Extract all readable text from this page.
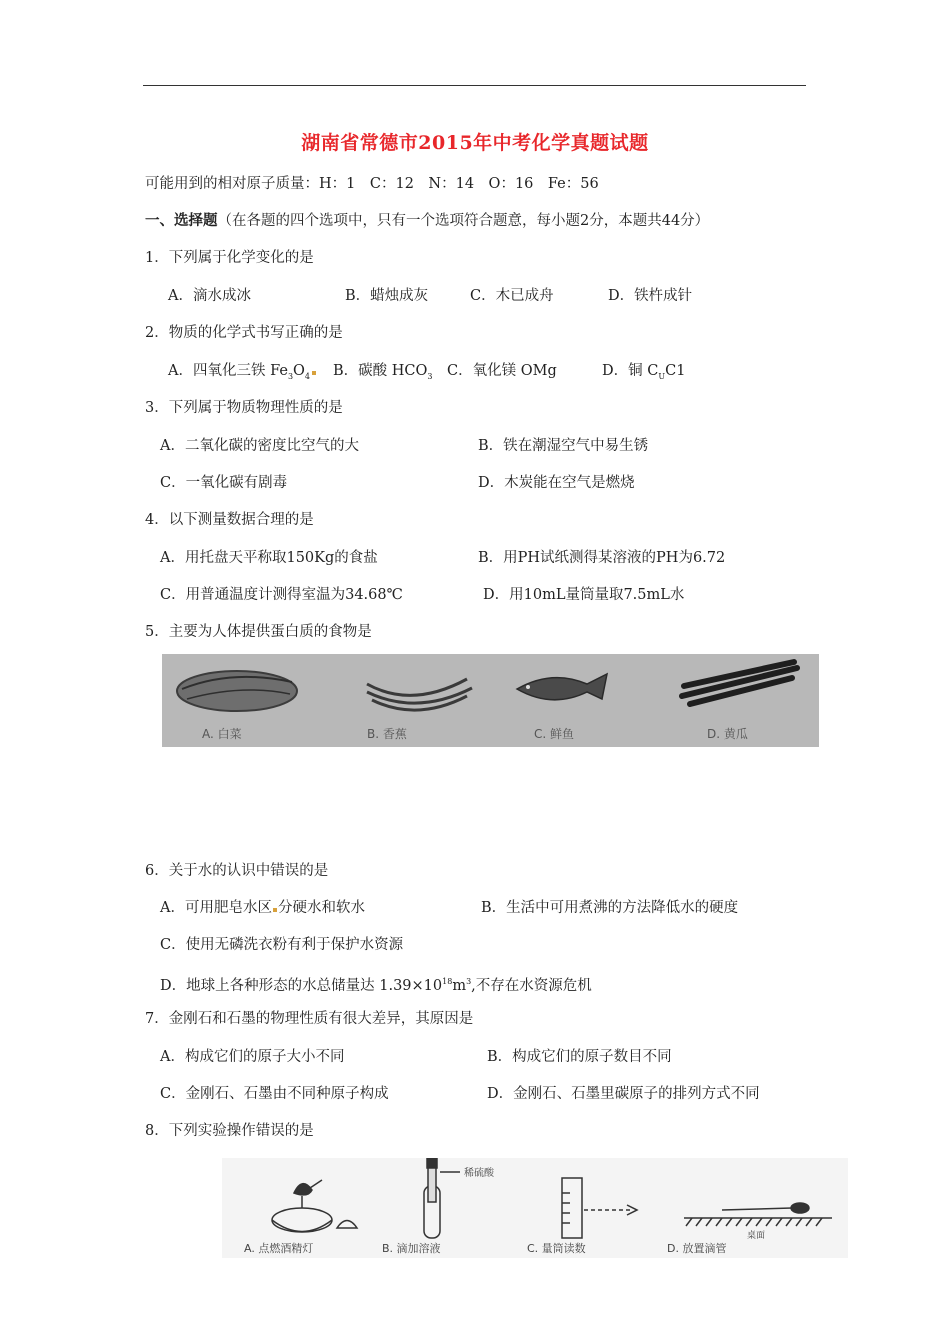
湖南省常德市2015年中考化学真题试题
可能用到的相对原子质量：H：1　C：12　N：14　O：16　Fe：56
一、选择题（在各题的四个选项中，只有一个选项符合题意，每小题2分，本题共44分）
1．下列属于化学变化的是
A．滴水成冰	B．蜡烛成灰	C．木已成舟	D．铁杵成针
2．物质的化学式书写正确的是
A．四氧化三铁 $Fe_3O_4$	B．碳酸 $HCO_3$ C．氧化镁 OMg	D．铜 $C_UC1$
3．下列属于物质物理性质的是
A．二氧化碳的密度比空气的大	B．铁在潮湿空气中易生锈
C．一氧化碳有剧毒	D．木炭能在空气是燃烧
4．以下测量数据合理的是
A．用托盘天平称取150Kg的食盐	B．用PH试纸测得某溶液的PH为6.72
C．用普通温度计测得室温为34.68℃	D．用10mL量筒量取7.5mL水
5．主要为人体提供蛋白质的食物是
A. 白菜	B. 香蕉	C. 鲜鱼	D. 黄瓜
6．关于水的认识中错误的是
A．可用肥皂水区 分硬水和软水	B．生活中可用煮沸的方法降低水的硬度
C．使用无磷洗衣粉有利于保护水资源
D．地球上各种形态的水总储量达 $1.39\times 10^{18}m^3$,不存在水资源危机
7．金刚石和石墨的物理性质有很大差异，其原因是
A．构成它们的原子大小不同	B．构成它们的原子数目不同
C．金刚石、石墨由不同种原子构成	D．金刚石、石墨里碳原子的排列方式不同
8．下列实验操作错误的是
稀硫酸
桌面
A. 点燃酒精灯	B. 滴加溶液	C. 量筒读数	D. 放置滴管
